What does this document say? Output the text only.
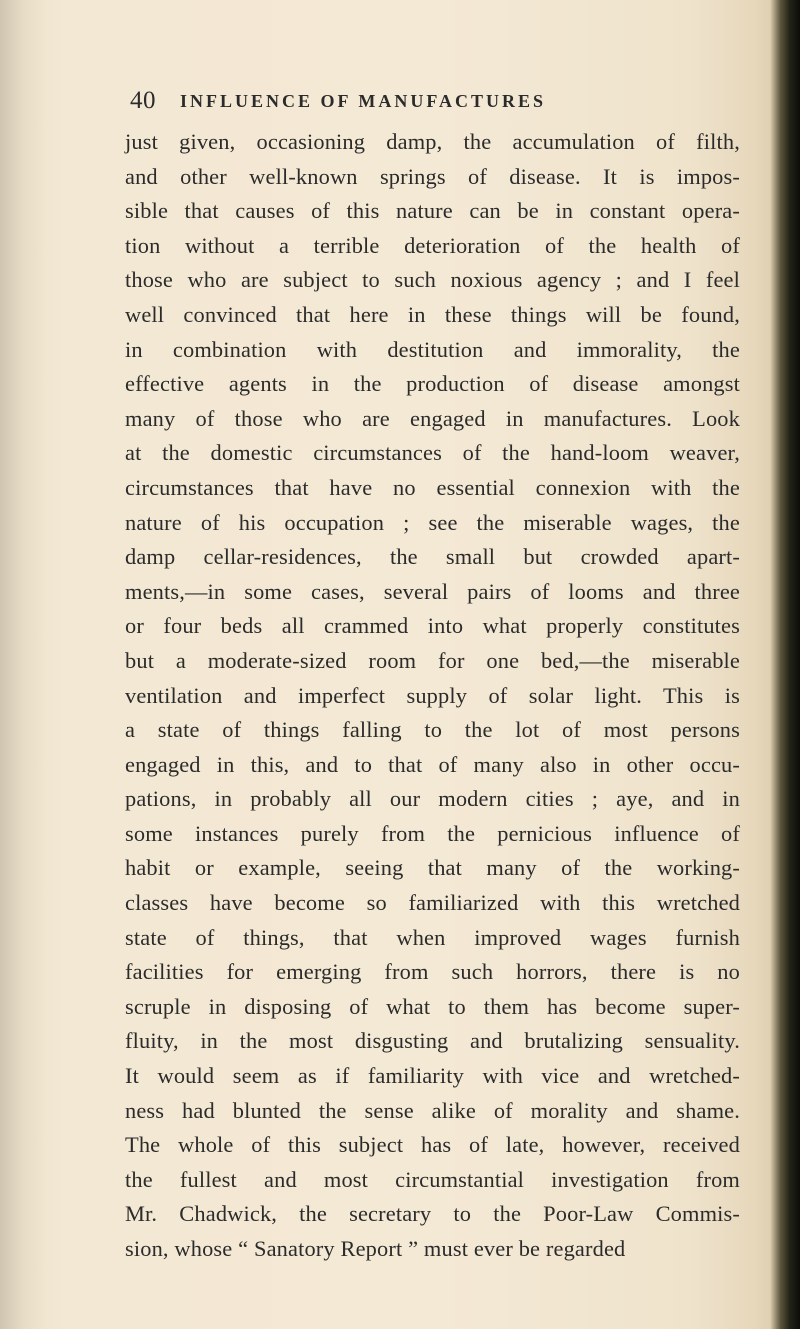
40 INFLUENCE OF MANUFACTURES
just given, occasioning damp, the accumulation of filth,
and other well-known springs of disease. It is impos-
sible that causes of this nature can be in constant opera-
tion without a terrible deterioration of the health of
those who are subject to such noxious agency ; and I feel
well convinced that here in these things will be found,
in combination with destitution and immorality, the
effective agents in the production of disease amongst
many of those who are engaged in manufactures. Look
at the domestic circumstances of the hand-loom weaver,
circumstances that have no essential connexion with the
nature of his occupation ; see the miserable wages, the
damp cellar-residences, the small but crowded apart-
ments,—in some cases, several pairs of looms and three
or four beds all crammed into what properly constitutes
but a moderate-sized room for one bed,—the miserable
ventilation and imperfect supply of solar light. This is
a state of things falling to the lot of most persons
engaged in this, and to that of many also in other occu-
pations, in probably all our modern cities ; aye, and in
some instances purely from the pernicious influence of
habit or example, seeing that many of the working-
classes have become so familiarized with this wretched
state of things, that when improved wages furnish
facilities for emerging from such horrors, there is no
scruple in disposing of what to them has become super-
fluity, in the most disgusting and brutalizing sensuality.
It would seem as if familiarity with vice and wretched-
ness had blunted the sense alike of morality and shame.
The whole of this subject has of late, however, received
the fullest and most circumstantial investigation from
Mr. Chadwick, the secretary to the Poor-Law Commis-
sion, whose “ Sanatory Report ” must ever be regarded
